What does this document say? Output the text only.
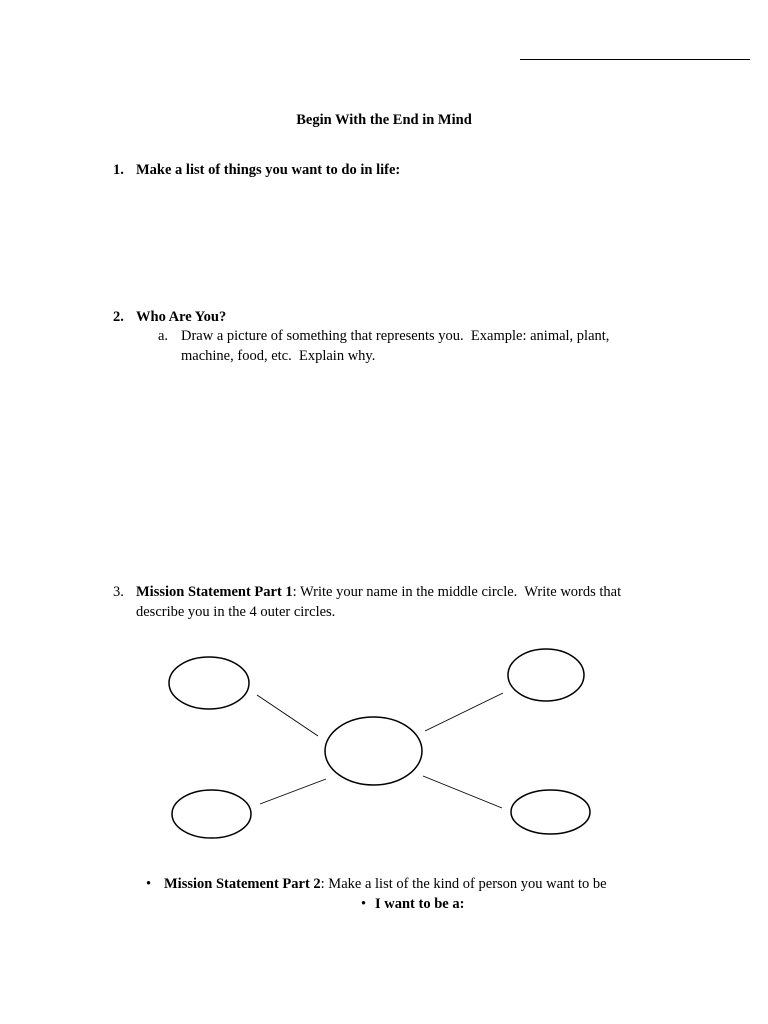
Begin With the End in Mind
1. Make a list of things you want to do in life:
2. Who Are You?
a. Draw a picture of something that represents you.  Example: animal, plant,
machine, food, etc.  Explain why.
3. Mission Statement Part 1: Write your name in the middle circle.  Write words that
describe you in the 4 outer circles.
• Mission Statement Part 2: Make a list of the kind of person you want to be
• I want to be a:
